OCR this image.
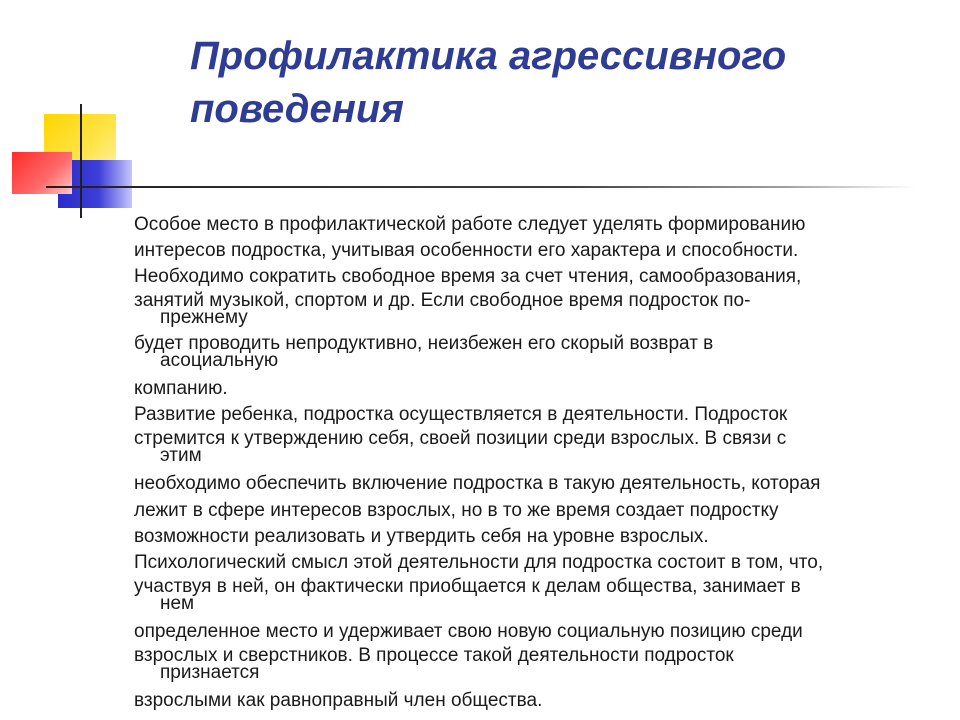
Профилактика агрессивного поведения
Особое место в профилактической работе следует уделять формированию
интересов подростка, учитывая особенности его характера и способности.
Необходимо сократить свободное время за счет чтения, самообразования,
занятий музыкой, спортом и др. Если свободное время подросток по-
прежнему
будет проводить непродуктивно, неизбежен его скорый возврат в
асоциальную
компанию.
Развитие ребенка, подростка осуществляется в деятельности. Подросток
стремится к утверждению себя, своей позиции среди взрослых. В связи с
этим
необходимо обеспечить включение подростка в такую деятельность, которая
лежит в сфере интересов взрослых, но в то же время создает подростку
возможности реализовать и утвердить себя на уровне взрослых.
Психологический смысл этой деятельности для подростка состоит в том, что,
участвуя в ней, он фактически приобщается к делам общества, занимает в
нем
определенное место и удерживает свою новую социальную позицию среди
взрослых и сверстников. В процессе такой деятельности подросток
признается
взрослыми как равноправный член общества.
